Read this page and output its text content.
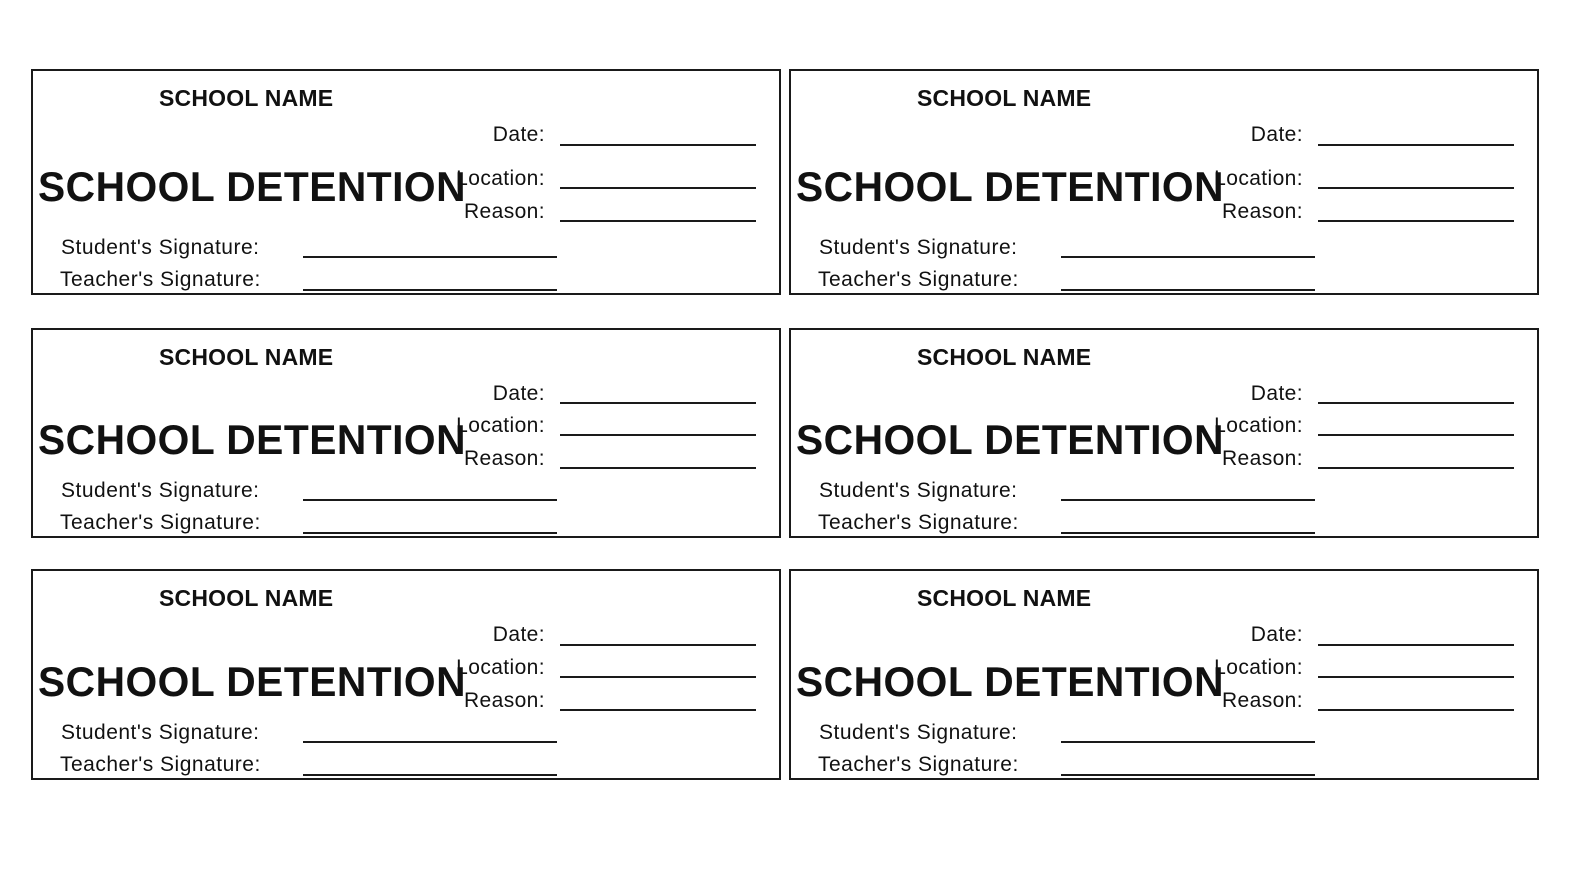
SCHOOL NAME
Date:
SCHOOL DETENTION
Location:
Reason:
Student's Signature:
Teacher's Signature:
SCHOOL NAME
Date:
SCHOOL DETENTION
Location:
Reason:
Student's Signature:
Teacher's Signature:
SCHOOL NAME
Date:
SCHOOL DETENTION
Location:
Reason:
Student's Signature:
Teacher's Signature:
SCHOOL NAME
Date:
SCHOOL DETENTION
Location:
Reason:
Student's Signature:
Teacher's Signature:
SCHOOL NAME
Date:
SCHOOL DETENTION
Location:
Reason:
Student's Signature:
Teacher's Signature:
SCHOOL NAME
Date:
SCHOOL DETENTION
Location:
Reason:
Student's Signature:
Teacher's Signature:
